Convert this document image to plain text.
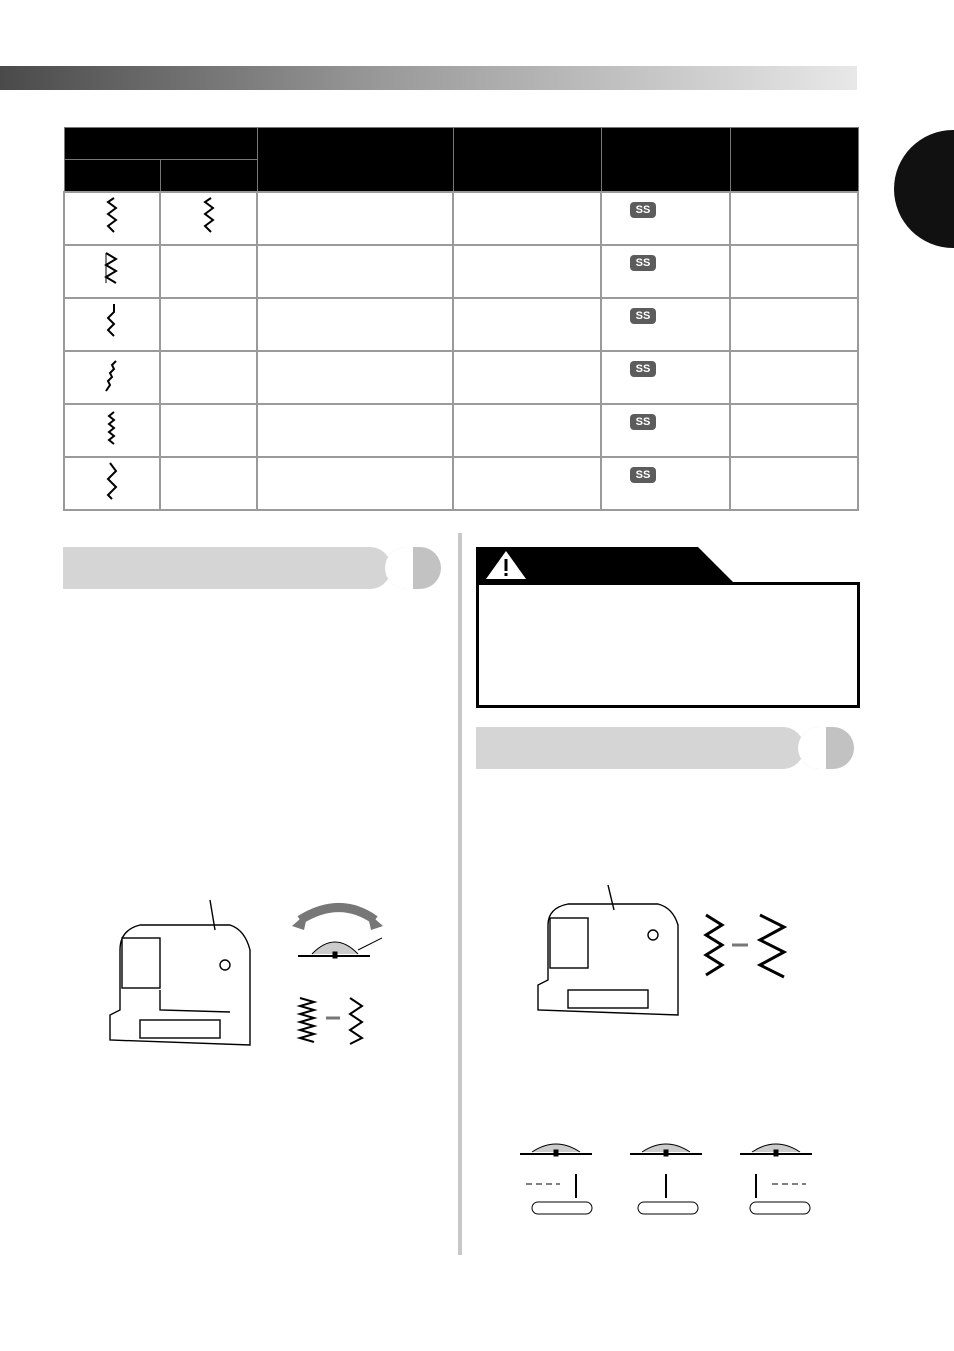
SS	

SS	

SS	

SS	

SS	

SS	
